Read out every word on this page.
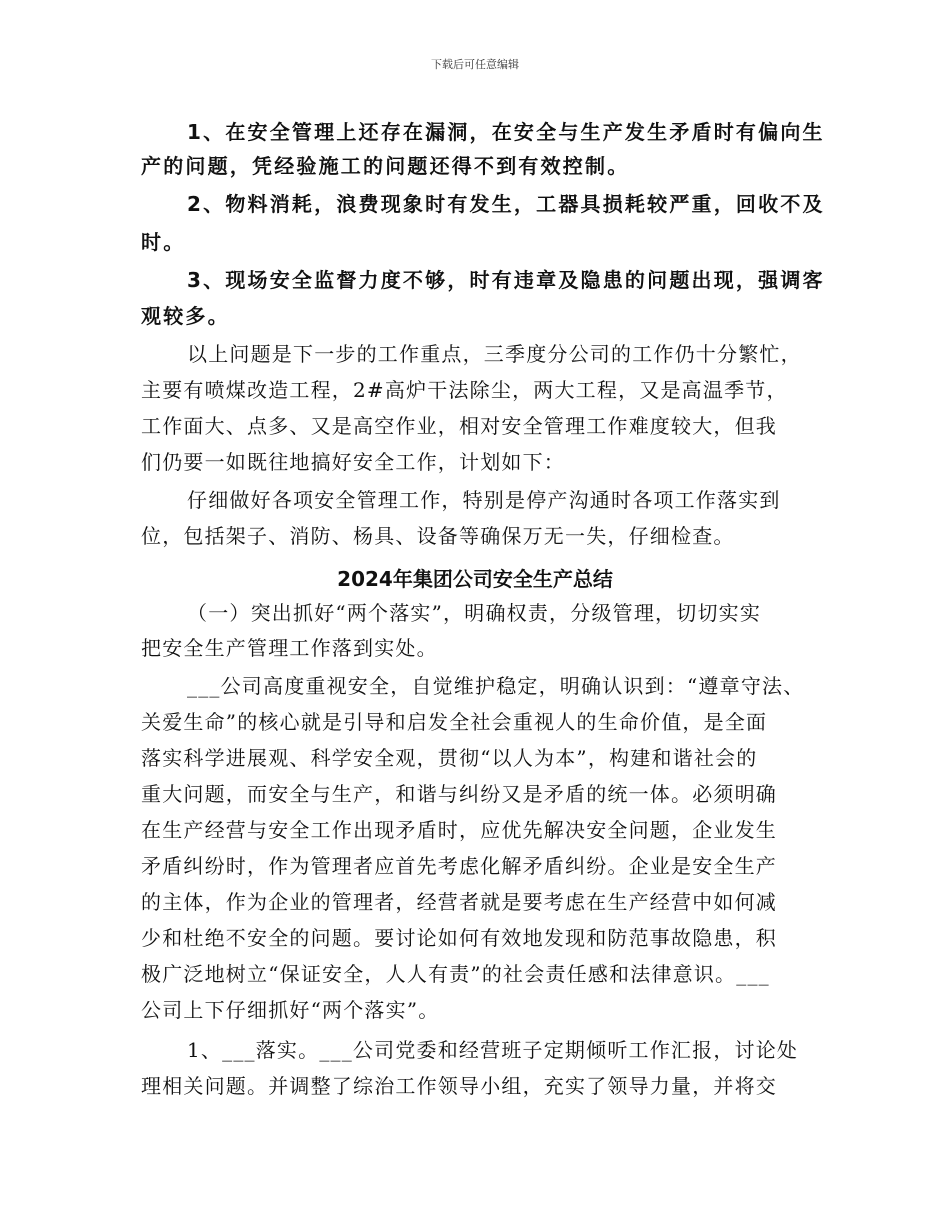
下载后可任意编辑
1、在安全管理上还存在漏洞，在安全与生产发生矛盾时有偏向生
产的问题，凭经验施工的问题还得不到有效控制。
2、物料消耗，浪费现象时有发生，工器具损耗较严重，回收不及
时。
3、现场安全监督力度不够，时有违章及隐患的问题出现，强调客
观较多。
以上问题是下一步的工作重点，三季度分公司的工作仍十分繁忙，
主要有喷煤改造工程，2#高炉干法除尘，两大工程，又是高温季节，
工作面大、点多、又是高空作业，相对安全管理工作难度较大，但我
们仍要一如既往地搞好安全工作，计划如下：
仔细做好各项安全管理工作，特别是停产沟通时各项工作落实到
位，包括架子、消防、杨具、设备等确保万无一失，仔细检查。
2024年集团公司安全生产总结
（一）突出抓好“两个落实”，明确权责，分级管理，切切实实
把安全生产管理工作落到实处。
___公司高度重视安全，自觉维护稳定，明确认识到：“遵章守法、
关爱生命”的核心就是引导和启发全社会重视人的生命价值，是全面
落实科学进展观、科学安全观，贯彻“以人为本”，构建和谐社会的
重大问题，而安全与生产，和谐与纠纷又是矛盾的统一体。必须明确
在生产经营与安全工作出现矛盾时，应优先解决安全问题，企业发生
矛盾纠纷时，作为管理者应首先考虑化解矛盾纠纷。企业是安全生产
的主体，作为企业的管理者，经营者就是要考虑在生产经营中如何减
少和杜绝不安全的问题。要讨论如何有效地发现和防范事故隐患，积
极广泛地树立“保证安全，人人有责”的社会责任感和法律意识。___
公司上下仔细抓好“两个落实”。
1、___落实。___公司党委和经营班子定期倾听工作汇报，讨论处
理相关问题。并调整了综治工作领导小组，充实了领导力量，并将交
